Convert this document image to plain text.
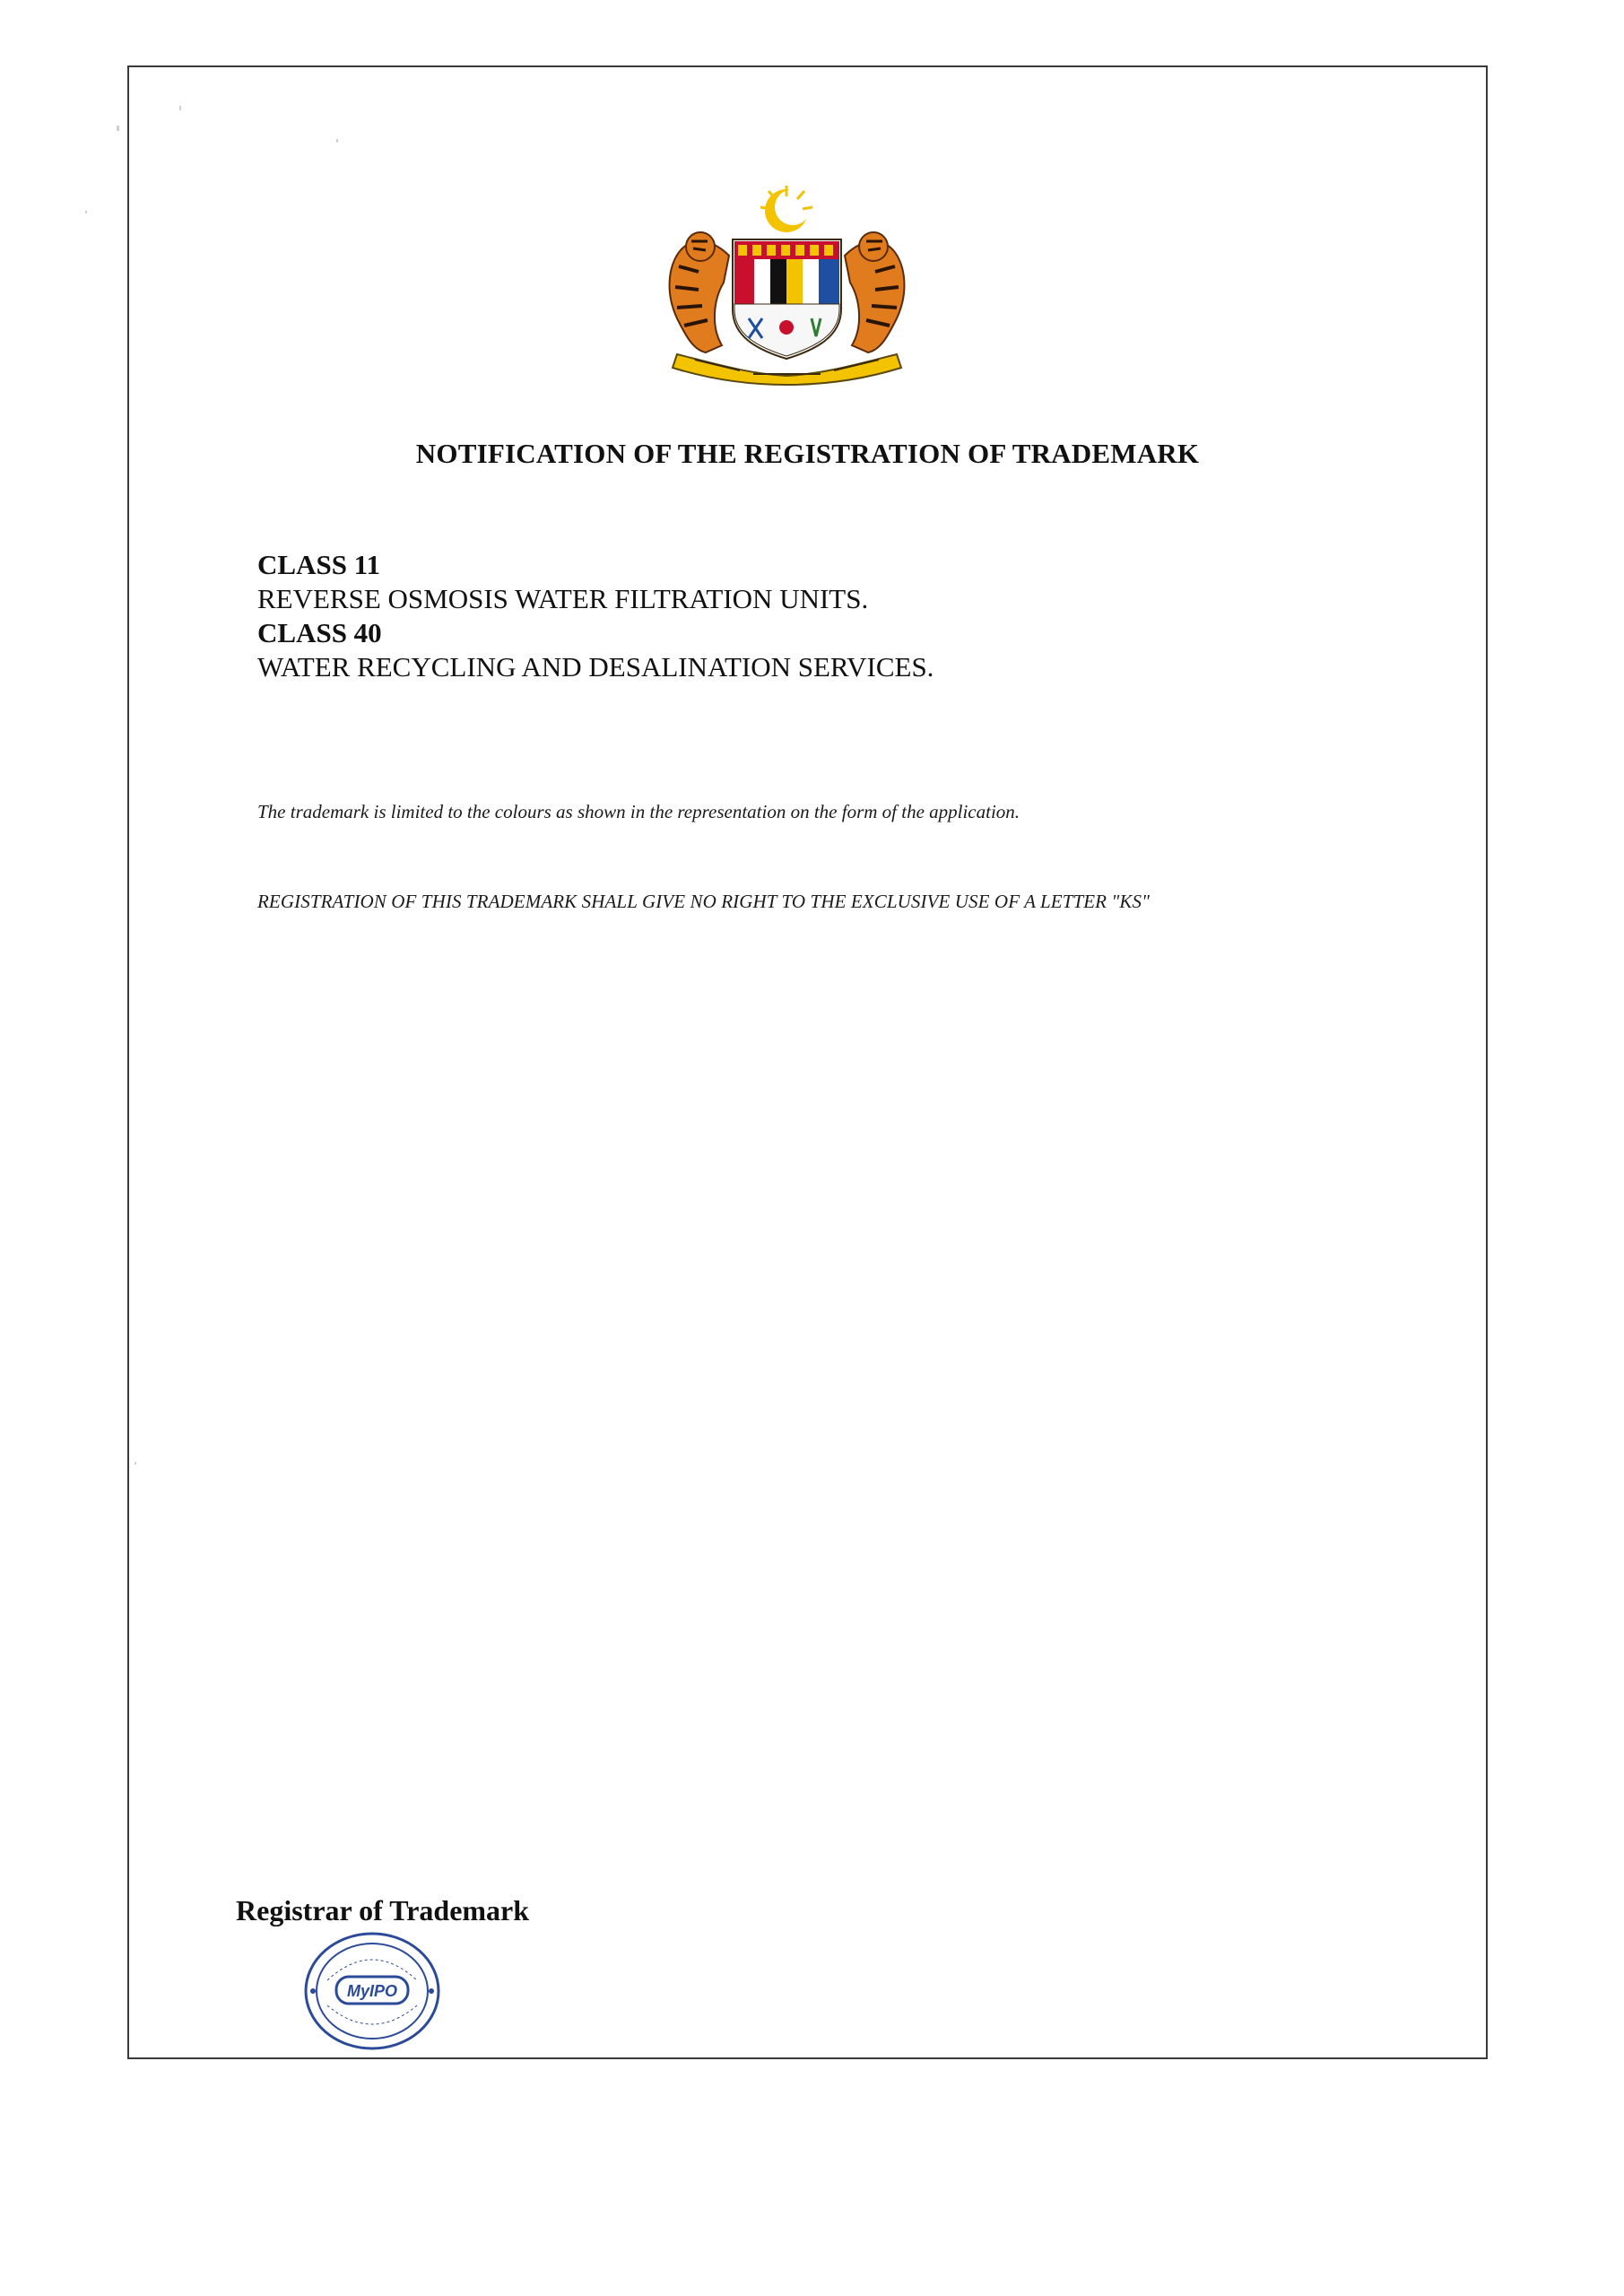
NOTIFICATION OF THE REGISTRATION OF TRADEMARK
CLASS 11
REVERSE OSMOSIS WATER FILTRATION UNITS.
CLASS 40
WATER RECYCLING AND DESALINATION SERVICES.
The trademark is limited to the colours as shown in the representation on the form of the application.
REGISTRATION OF THIS TRADEMARK SHALL GIVE NO RIGHT TO THE EXCLUSIVE USE OF A LETTER "KS"
Registrar of Trademark
MyIPO
